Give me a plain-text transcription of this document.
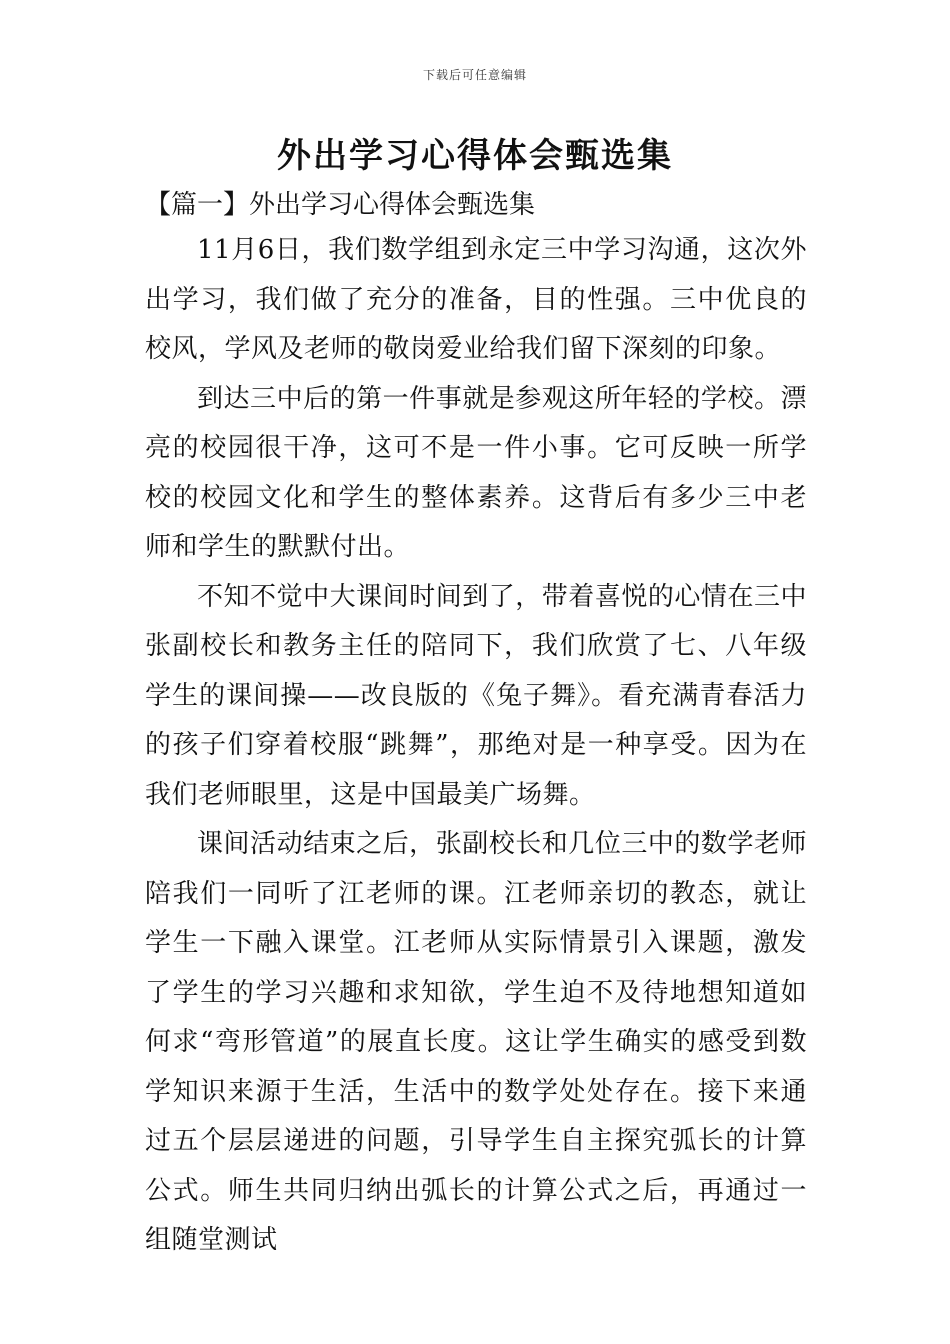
下载后可任意编辑
外出学习心得体会甄选集
【篇一】外出学习心得体会甄选集

11月6日，我们数学组到永定三中学习沟通，这次外出学习，我们做了充分的准备，目的性强。三中优良的校风，学风及老师的敬岗爱业给我们留下深刻的印象。

到达三中后的第一件事就是参观这所年轻的学校。漂亮的校园很干净，这可不是一件小事。它可反映一所学校的校园文化和学生的整体素养。这背后有多少三中老师和学生的默默付出。

不知不觉中大课间时间到了，带着喜悦的心情在三中张副校长和教务主任的陪同下，我们欣赏了七、八年级学生的课间操——改良版的《兔子舞》。看充满青春活力的孩子们穿着校服“跳舞”，那绝对是一种享受。因为在我们老师眼里，这是中国最美广场舞。

课间活动结束之后，张副校长和几位三中的数学老师陪我们一同听了江老师的课。江老师亲切的教态，就让学生一下融入课堂。江老师从实际情景引入课题，激发了学生的学习兴趣和求知欲，学生迫不及待地想知道如何求“弯形管道”的展直长度。这让学生确实的感受到数学知识来源于生活，生活中的数学处处存在。接下来通过五个层层递进的问题，引导学生自主探究弧长的计算公式。师生共同归纳出弧长的计算公式之后，再通过一组随堂测试
